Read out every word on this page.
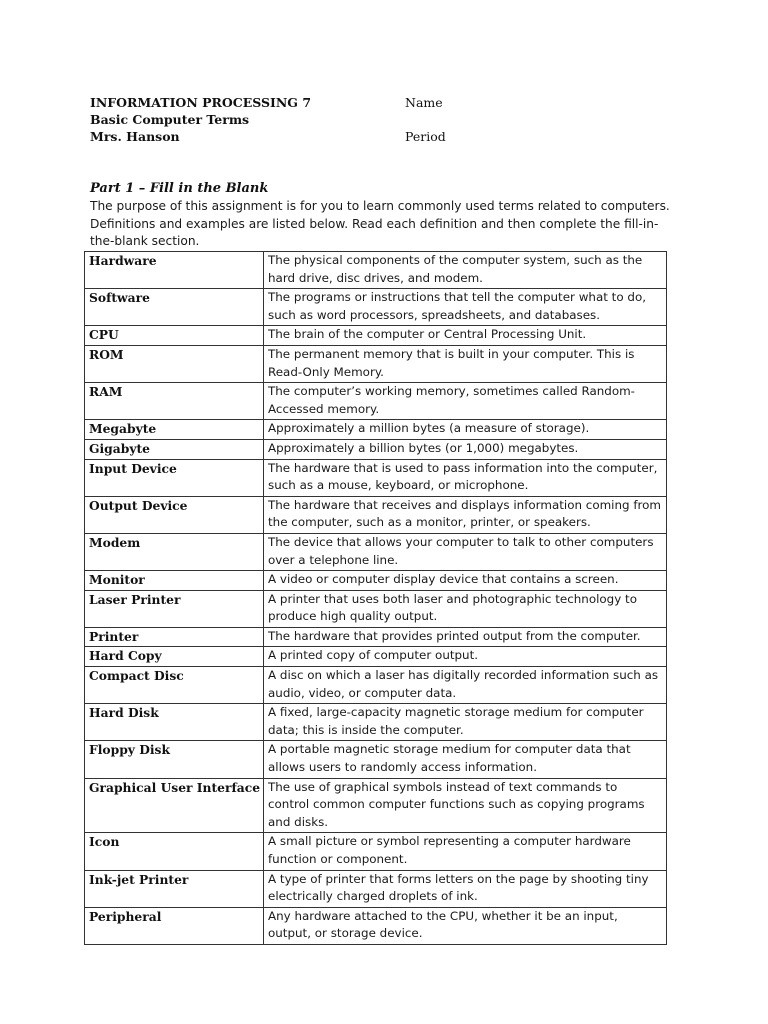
INFORMATION PROCESSING 7
Basic Computer Terms
Mrs. Hanson
Name
Period
Part 1 – Fill in the Blank
The purpose of this assignment is for you to learn commonly used terms related to computers. Definitions and examples are listed below. Read each definition and then complete the fill-in-the-blank section.
Hardware	The physical components of the computer system, such as the hard drive, disc drives, and modem.
Software	The programs or instructions that tell the computer what to do, such as word processors, spreadsheets, and databases.
CPU	The brain of the computer or Central Processing Unit.
ROM	The permanent memory that is built in your computer. This is Read-Only Memory.
RAM	The computer’s working memory, sometimes called Random-Accessed memory.
Megabyte	Approximately a million bytes (a measure of storage).
Gigabyte	Approximately a billion bytes (or 1,000) megabytes.
Input Device	The hardware that is used to pass information into the computer, such as a mouse, keyboard, or microphone.
Output Device	The hardware that receives and displays information coming from the computer, such as a monitor, printer, or speakers.
Modem	The device that allows your computer to talk to other computers over a telephone line.
Monitor	A video or computer display device that contains a screen.
Laser Printer	A printer that uses both laser and photographic technology to produce high quality output.
Printer	The hardware that provides printed output from the computer.
Hard Copy	A printed copy of computer output.
Compact Disc	A disc on which a laser has digitally recorded information such as audio, video, or computer data.
Hard Disk	A fixed, large-capacity magnetic storage medium for computer data; this is inside the computer.
Floppy Disk	A portable magnetic storage medium for computer data that allows users to randomly access information.
Graphical User Interface	The use of graphical symbols instead of text commands to control common computer functions such as copying programs and disks.
Icon	A small picture or symbol representing a computer hardware function or component.
Ink-jet Printer	A type of printer that forms letters on the page by shooting tiny electrically charged droplets of ink.
Peripheral	Any hardware attached to the CPU, whether it be an input, output, or storage device.
